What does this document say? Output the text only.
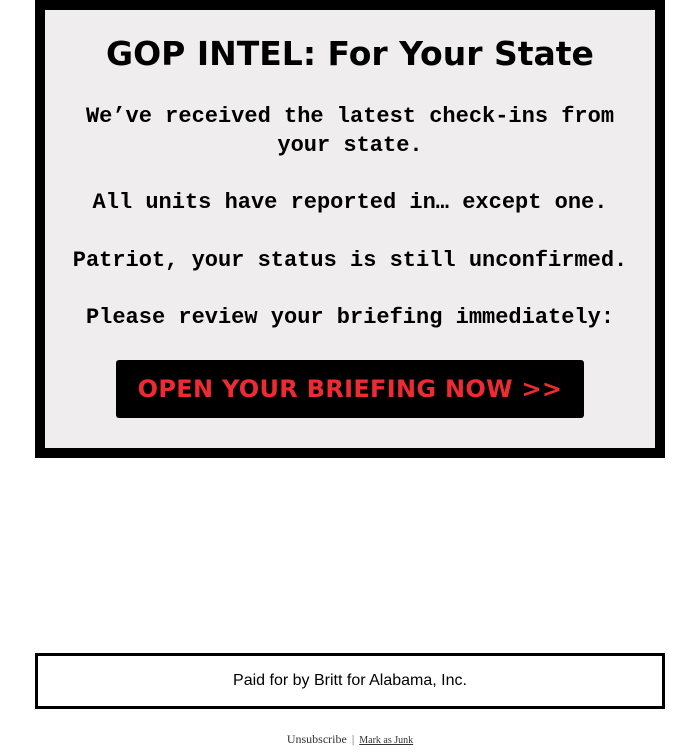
GOP INTEL: For Your State

We’ve received the latest check-ins from your state.

All units have reported in… except one.

Patriot, your status is still unconfirmed.

Please review your briefing immediately:

OPEN YOUR BRIEFING NOW >>
Paid for by Britt for Alabama, Inc.
Unsubscribe | Mark as Junk
